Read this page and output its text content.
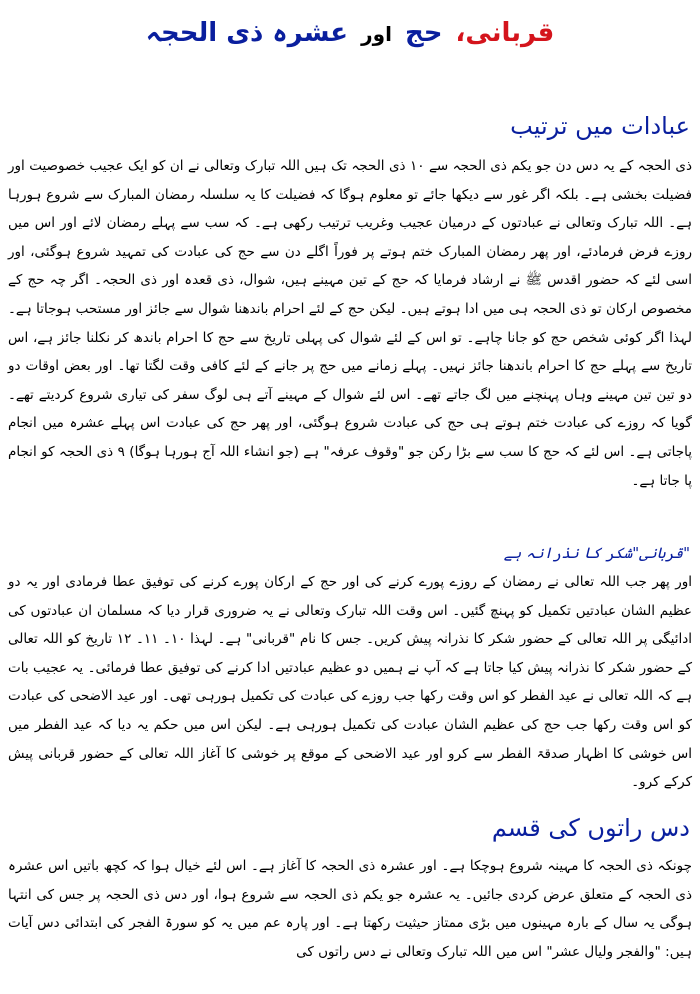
قربانی، حج اور عشرہ ذی الحجہ
عبادات میں ترتیب
ذی الحجہ کے یہ دس دن جو یکم ذی الحجہ سے ۱۰ ذی الحجہ تک ہیں اللہ تبارک وتعالی نے ان کو ایک عجیب خصوصیت اور فضیلت بخشی ہے۔ بلکہ اگر غور سے دیکھا جائے تو معلوم ہوگا کہ فضیلت کا یہ سلسلہ رمضان المبارک سے شروع ہورہا ہے۔ اللہ تبارک وتعالی نے عبادتوں کے درمیان عجیب وغریب ترتیب رکھی ہے۔ کہ سب سے پہلے رمضان لائے اور اس میں روزے فرض فرمادئے، اور پھر رمضان المبارک ختم ہوتے پر فوراً اگلے دن سے حج کی عبادت کی تمہید شروع ہوگئی، اور اسی لئے کہ حضور اقدس ﷺ نے ارشاد فرمایا کہ حج کے تین مہینے ہیں، شوال، ذی قعدہ اور ذی الحجہ۔ اگر چہ حج کے مخصوص ارکان تو ذی الحجہ ہی میں ادا ہوتے ہیں۔ لیکن حج کے لئے احرام باندھنا شوال سے جائز اور مستحب ہوجاتا ہے۔ لہذا اگر کوئی شخص حج کو جانا چاہے۔ تو اس کے لئے شوال کی پہلی تاریخ سے حج کا احرام باندھ کر نکلنا جائز ہے، اس تاریخ سے پہلے حج کا احرام باندھنا جائز نہیں۔ پہلے زمانے میں حج پر جانے کے لئے کافی وقت لگتا تھا۔ اور بعض اوقات دو دو تین تین مہینے وہاں پہنچنے میں لگ جاتے تھے۔ اس لئے شوال کے مہینے آتے ہی لوگ سفر کی تیاری شروع کردیتے تھے۔ گویا کہ روزے کی عبادت ختم ہوتے ہی حج کی عبادت شروع ہوگئی، اور پھر حج کی عبادت اس پہلے عشرہ میں انجام پاجاتی ہے۔ اس لئے کہ حج کا سب سے بڑا رکن جو "وقوف عرفہ" ہے (جو انشاء اللہ آج ہورہا ہوگا) ۹ ذی الحجہ کو انجام پا جاتا ہے۔
"قربانی"شکر کا نذرانہ ہے
اور پھر جب اللہ تعالی نے رمضان کے روزے پورے کرنے کی اور حج کے ارکان پورے کرنے کی توفیق عطا فرمادی اور یہ دو عظیم الشان عبادتیں تکمیل کو پہنچ گئیں۔ اس وقت اللہ تبارک وتعالی نے یہ ضروری قرار دیا کہ مسلمان ان عبادتوں کی ادائیگی پر اللہ تعالی کے حضور شکر کا نذرانہ پیش کریں۔ جس کا نام "قربانی" ہے۔ لہذا ۱۰۔ ۱۱۔ ۱۲ تاریخ کو اللہ تعالی کے حضور شکر کا نذرانہ پیش کیا جاتا ہے کہ آپ نے ہمیں دو عظیم عبادتیں ادا کرنے کی توفیق عطا فرمائی۔ یہ عجیب بات ہے کہ اللہ تعالی نے عید الفطر کو اس وقت رکھا جب روزے کی عبادت کی تکمیل ہورہی تھی۔ اور عید الاضحی کی عبادت کو اس وقت رکھا جب حج کی عظیم الشان عبادت کی تکمیل ہورہی ہے۔ لیکن اس میں حکم یہ دیا کہ عید الفطر میں اس خوشی کا اظہار صدقۃ الفطر سے کرو اور عید الاضحی کے موقع پر خوشی کا آغاز اللہ تعالی کے حضور قربانی پیش کرکے کرو۔
دس راتوں کی قسم
چونکہ ذی الحجہ کا مہینہ شروع ہوچکا ہے۔ اور عشرہ ذی الحجہ کا آغاز ہے۔ اس لئے خیال ہوا کہ کچھ باتیں اس عشرہ ذی الحجہ کے متعلق عرض کردی جائیں۔ یہ عشرہ جو یکم ذی الحجہ سے شروع ہوا، اور دس ذی الحجہ پر جس کی انتہا ہوگی یہ سال کے بارہ مہینوں میں بڑی ممتاز حیثیت رکھتا ہے۔ اور پارہ عم میں یہ کو سورۃ الفجر کی ابتدائی دس آیات ہیں: "والفجر ولیال عشر" اس میں اللہ تبارک وتعالی نے دس راتوں کی
